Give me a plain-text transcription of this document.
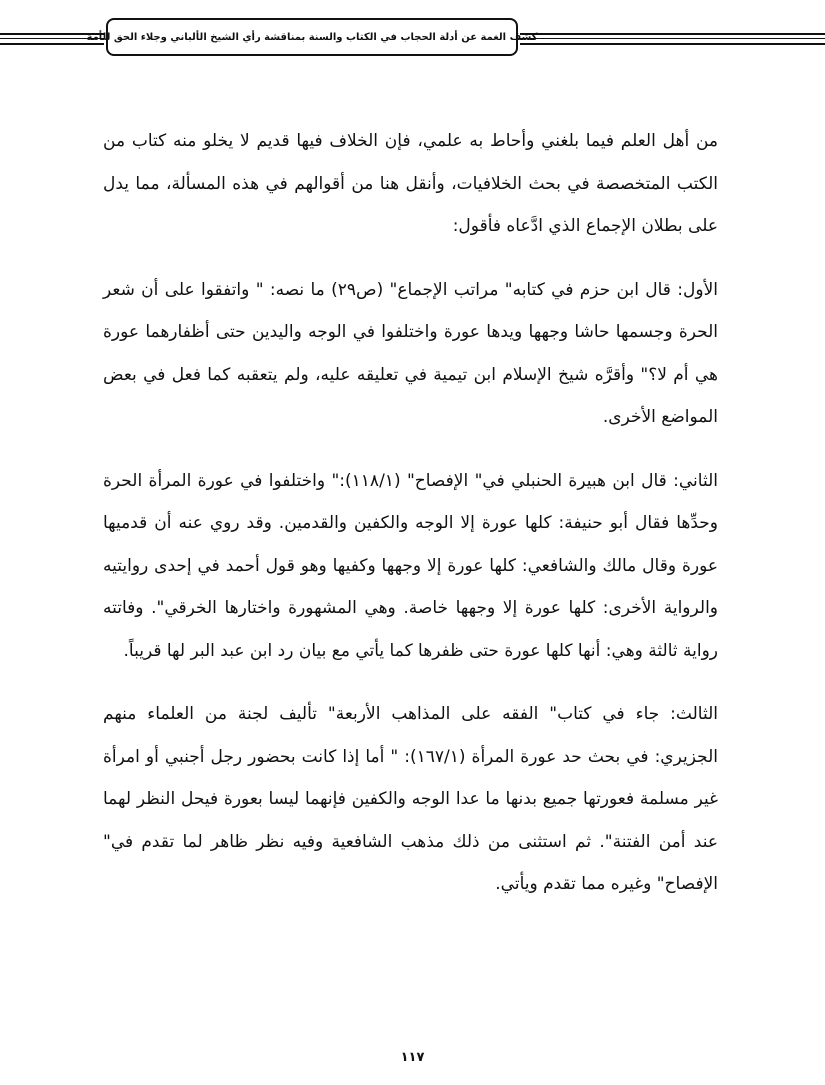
كشف الغمة عن أدلة الحجاب في الكتاب والسنة بمناقشة رأي الشيخ الألباني وجلاء الحق للأمة

من أهل العلم فيما بلغني وأحاط به علمي، فإن الخلاف فيها قديم لا يخلو منه كتاب من الكتب المتخصصة في بحث الخلافيات، وأنقل هنا من أقوالهم في هذه المسألة، مما يدل على بطلان الإجماع الذي ادَّعاه فأقول:

الأول: قال ابن حزم في كتابه" مراتب الإجماع" (ص٢٩) ما نصه: " واتفقوا على أن شعر الحرة وجسمها حاشا وجهها ويدها عورة واختلفوا في الوجه واليدين حتى أظفارهما عورة هي أم لا؟" وأقرَّه شيخ الإسلام ابن تيمية في تعليقه عليه، ولم يتعقبه كما فعل في بعض المواضع الأخرى.

الثاني: قال ابن هبيرة الحنبلي في" الإفصاح" (١١٨/١):" واختلفوا في عورة المرأة الحرة وحدِّها فقال أبو حنيفة: كلها عورة إلا الوجه والكفين والقدمين. وقد روي عنه أن قدميها عورة وقال مالك والشافعي: كلها عورة إلا وجهها وكفيها وهو قول أحمد في إحدى روايتيه والرواية الأخرى: كلها عورة إلا وجهها خاصة. وهي المشهورة واختارها الخرقي". وفاتته رواية ثالثة وهي: أنها كلها عورة حتى ظفرها كما يأتي مع بيان رد ابن عبد البر لها قريباً.

الثالث: جاء في كتاب" الفقه على المذاهب الأربعة" تأليف لجنة من العلماء منهم الجزيري: في بحث حد عورة المرأة (١٦٧/١): " أما إذا كانت بحضور رجل أجنبي أو امرأة غير مسلمة فعورتها جميع بدنها ما عدا الوجه والكفين فإنهما ليسا بعورة فيحل النظر لهما عند أمن الفتنة". ثم استثنى من ذلك مذهب الشافعية وفيه نظر ظاهر لما تقدم في" الإفصاح" وغيره مما تقدم ويأتي.

١١٧
